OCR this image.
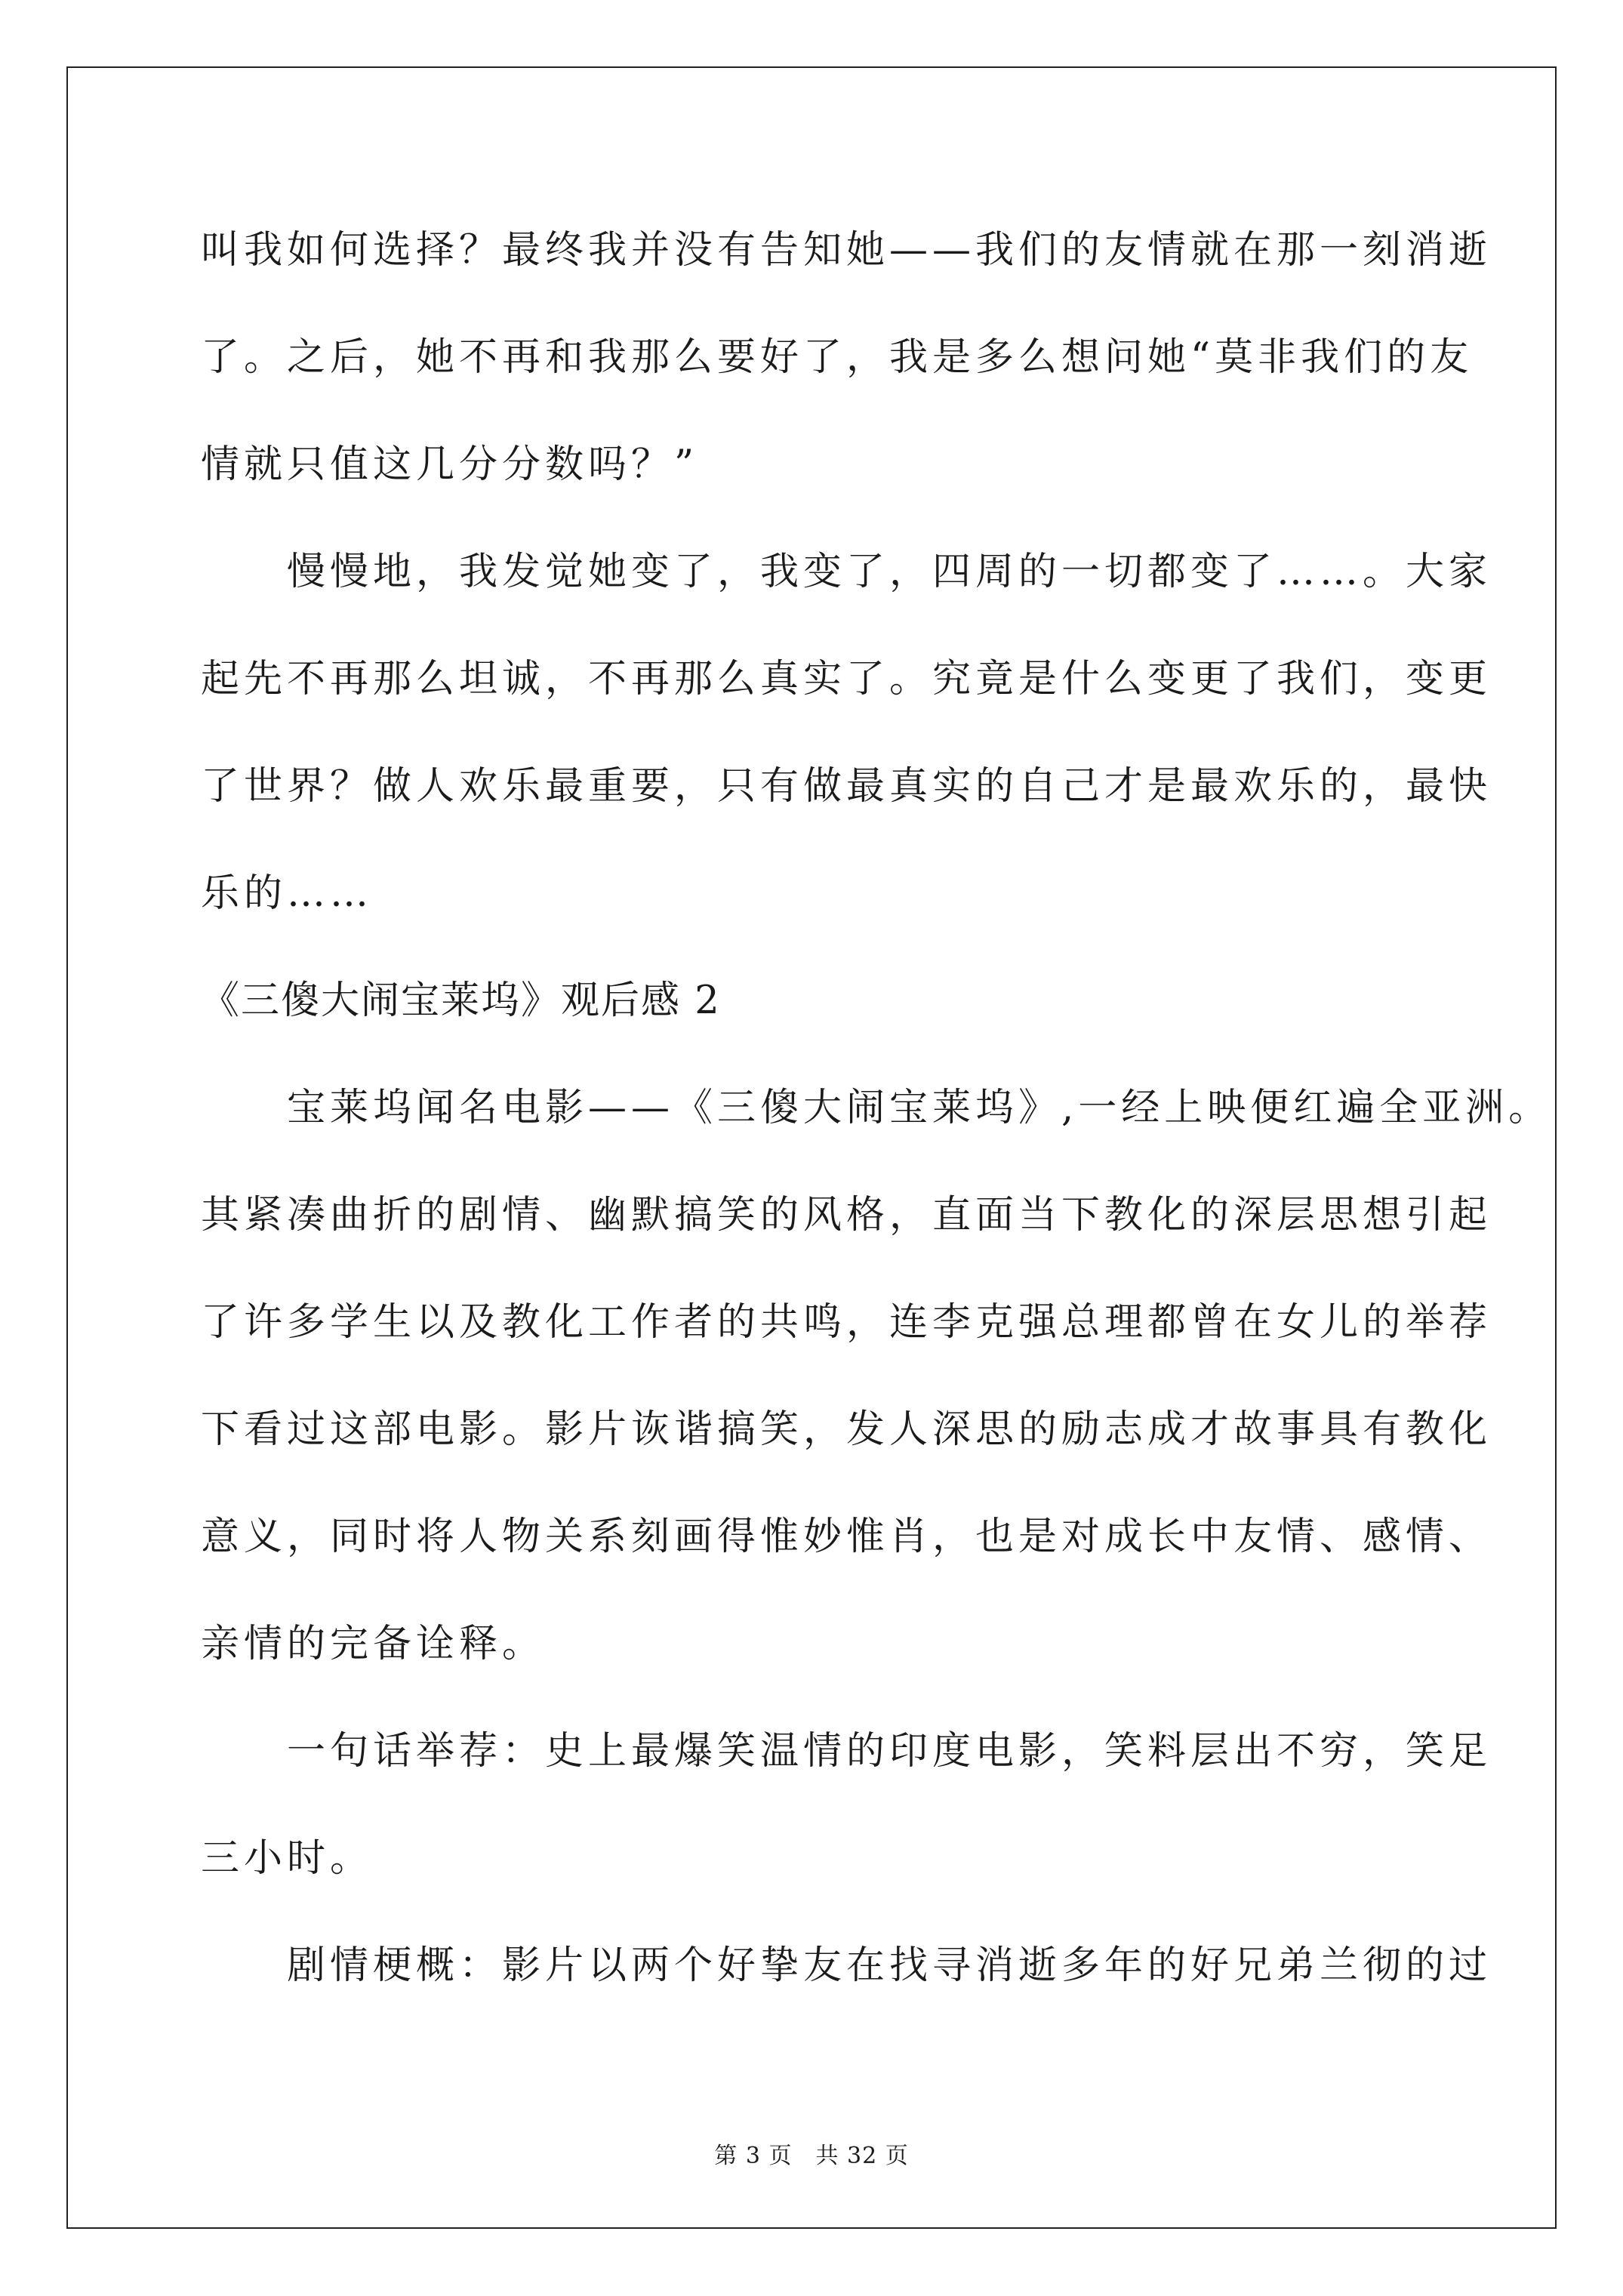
叫我如何选择？最终我并没有告知她——我们的友情就在那一刻消逝
了。之后，她不再和我那么要好了，我是多么想问她“莫非我们的友
情就只值这几分分数吗？”
　　慢慢地，我发觉她变了，我变了，四周的一切都变了……。大家
起先不再那么坦诚，不再那么真实了。究竟是什么变更了我们，变更
了世界？做人欢乐最重要，只有做最真实的自己才是最欢乐的，最快
乐的……
《三傻大闹宝莱坞》观后感 2
　　宝莱坞闻名电影——《三傻大闹宝莱坞》,一经上映便红遍全亚洲。
其紧凑曲折的剧情、幽默搞笑的风格，直面当下教化的深层思想引起
了许多学生以及教化工作者的共鸣，连李克强总理都曾在女儿的举荐
下看过这部电影。影片诙谐搞笑，发人深思的励志成才故事具有教化
意义，同时将人物关系刻画得惟妙惟肖，也是对成长中友情、感情、
亲情的完备诠释。
　　一句话举荐：史上最爆笑温情的印度电影，笑料层出不穷，笑足
三小时。
　　剧情梗概：影片以两个好挚友在找寻消逝多年的好兄弟兰彻的过
第 3 页　共 32 页
